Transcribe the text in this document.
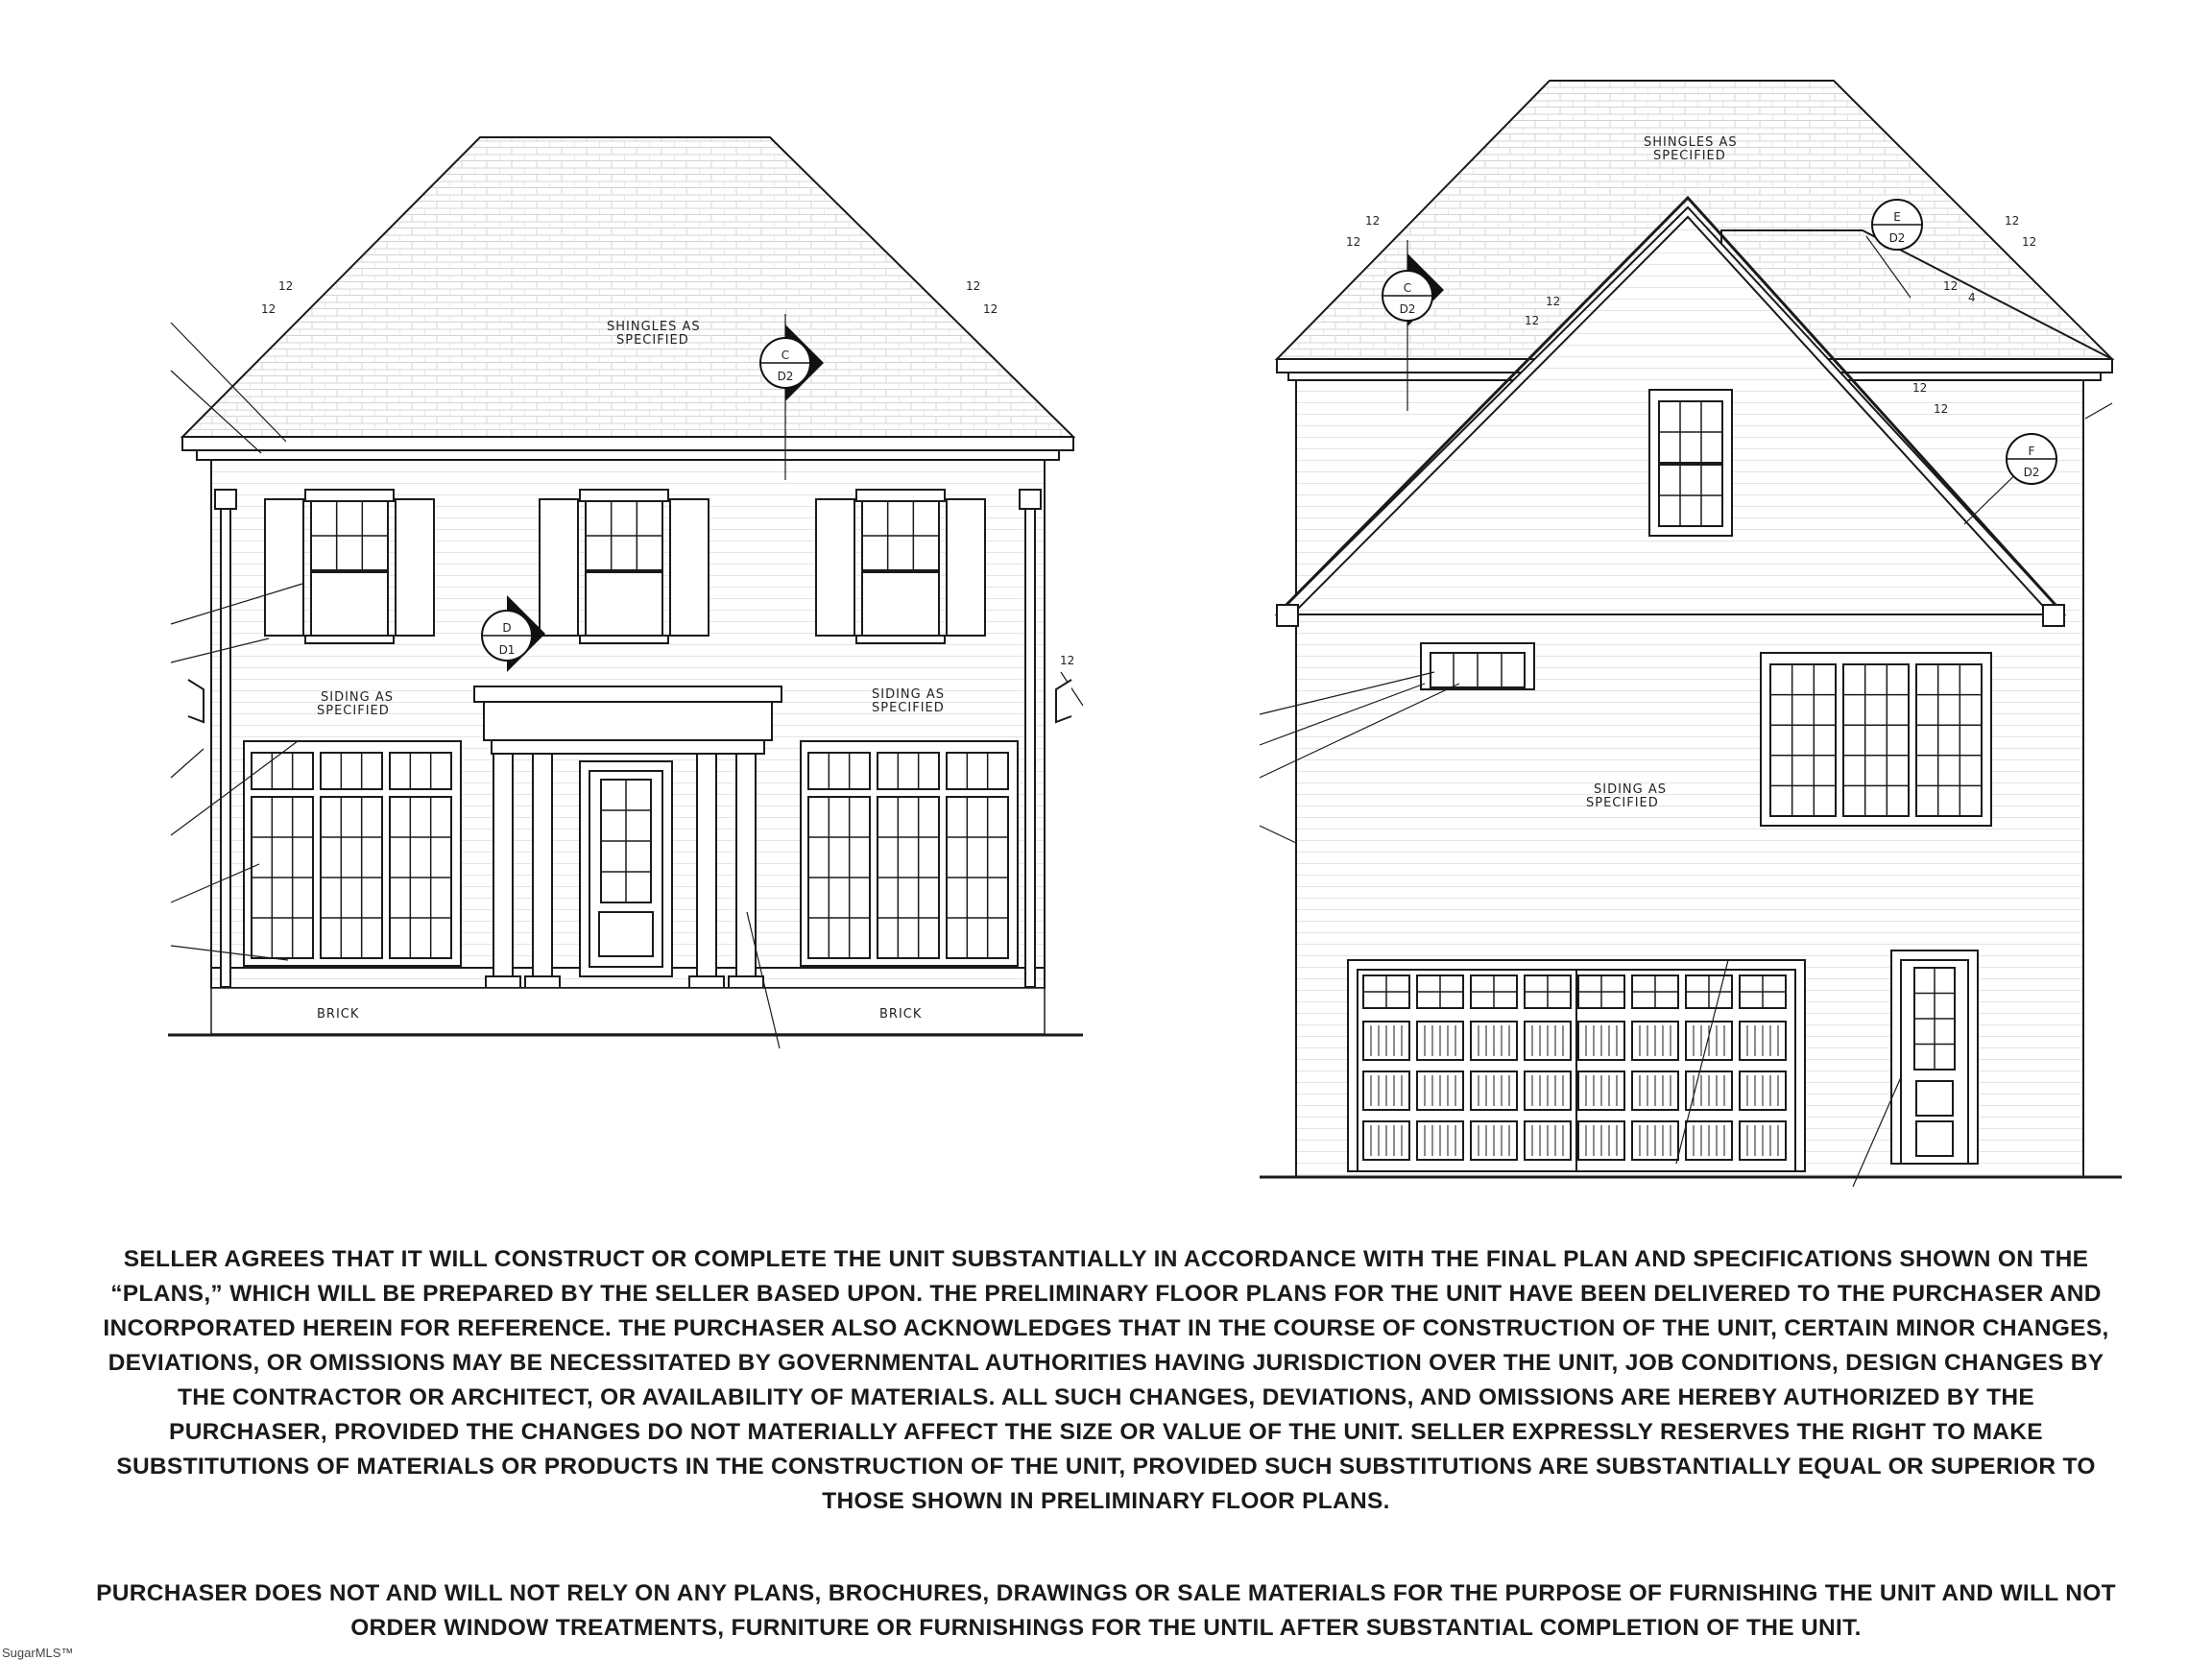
SHINGLES AS
SPECIFIED
SIDING AS
SPECIFIED
SIDING AS
SPECIFIED
BRICK	BRICK
12
12
12
12
12
C
D2
D
D1
SHINGLES AS
SPECIFIED
SIDING AS
SPECIFIED
12
12
12
12
12
12
12
4
12
12
C
D2
E
D2
F
D2
SELLER AGREES THAT IT WILL CONSTRUCT OR COMPLETE THE UNIT SUBSTANTIALLY IN ACCORDANCE WITH THE FINAL PLAN AND SPECIFICATIONS SHOWN ON THE “PLANS,” WHICH WILL BE PREPARED BY THE SELLER BASED UPON. THE PRELIMINARY FLOOR PLANS FOR THE UNIT HAVE BEEN DELIVERED TO THE PURCHASER AND INCORPORATED HEREIN FOR REFERENCE. THE PURCHASER ALSO ACKNOWLEDGES THAT IN THE COURSE OF CONSTRUCTION OF THE UNIT, CERTAIN MINOR CHANGES, DEVIATIONS, OR OMISSIONS MAY BE NECESSITATED BY GOVERNMENTAL AUTHORITIES HAVING JURISDICTION OVER THE UNIT, JOB CONDITIONS, DESIGN CHANGES BY THE CONTRACTOR OR ARCHITECT, OR AVAILABILITY OF MATERIALS. ALL SUCH CHANGES, DEVIATIONS, AND OMISSIONS ARE HEREBY AUTHORIZED BY THE PURCHASER, PROVIDED THE CHANGES DO NOT MATERIALLY AFFECT THE SIZE OR VALUE OF THE UNIT. SELLER EXPRESSLY RESERVES THE RIGHT TO MAKE SUBSTITUTIONS OF MATERIALS OR PRODUCTS IN THE CONSTRUCTION OF THE UNIT, PROVIDED SUCH SUBSTITUTIONS ARE SUBSTANTIALLY EQUAL OR SUPERIOR TO THOSE SHOWN IN PRELIMINARY FLOOR PLANS.
PURCHASER DOES NOT AND WILL NOT RELY ON ANY PLANS, BROCHURES, DRAWINGS OR SALE MATERIALS FOR THE PURPOSE OF FURNISHING THE UNIT AND WILL NOT ORDER WINDOW TREATMENTS, FURNITURE OR FURNISHINGS FOR THE UNTIL AFTER SUBSTANTIAL COMPLETION OF THE UNIT.
SugarMLS™
